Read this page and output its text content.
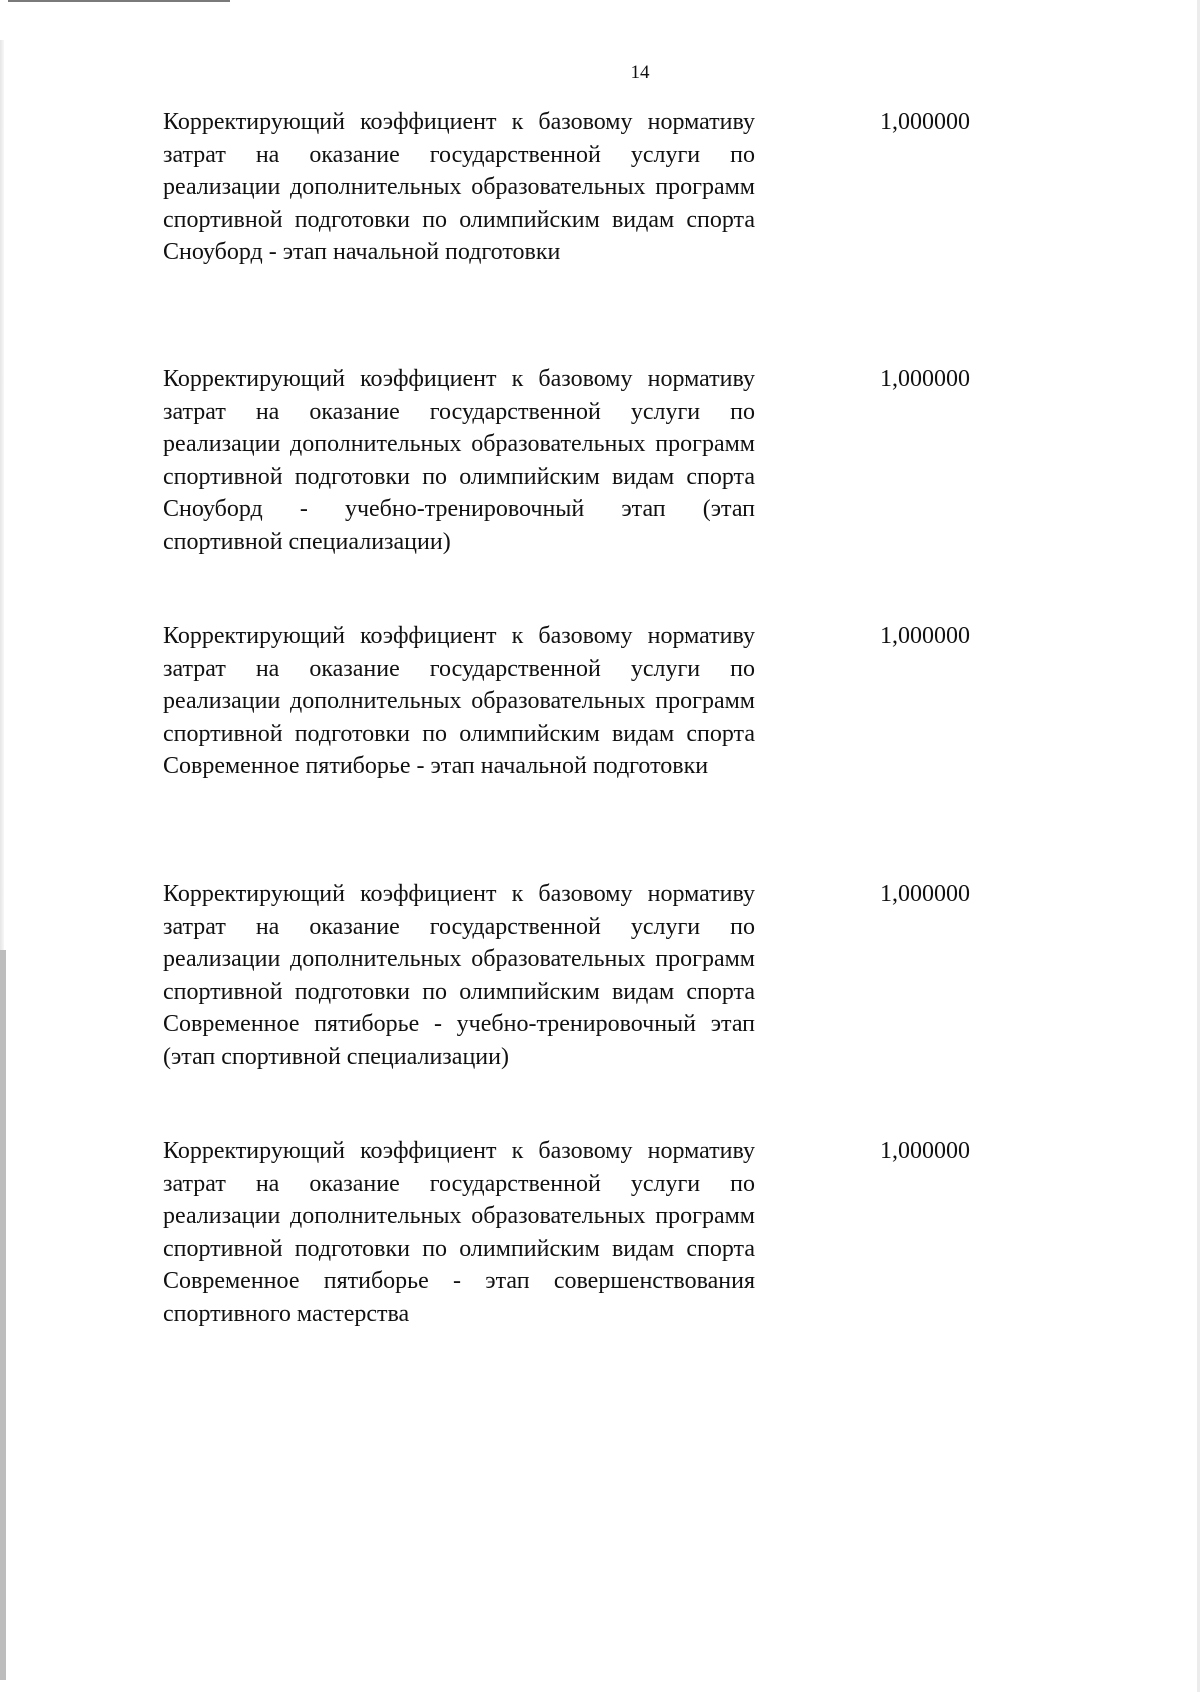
14
Корректирующий коэффициент к базовому нормативу затрат на оказание государственной услуги по реализации дополнительных образовательных программ спортивной подготовки по олимпийским видам спорта Сноуборд - этап начальной подготовки
1,000000
Корректирующий коэффициент к базовому нормативу затрат на оказание государственной услуги по реализации дополнительных образовательных программ спортивной подготовки по олимпийским видам спорта Сноуборд - учебно-тренировочный этап (этап спортивной специализации)
1,000000
Корректирующий коэффициент к базовому нормативу затрат на оказание государственной услуги по реализации дополнительных образовательных программ спортивной подготовки по олимпийским видам спорта Современное пятиборье - этап начальной подготовки
1,000000
Корректирующий коэффициент к базовому нормативу затрат на оказание государственной услуги по реализации дополнительных образовательных программ спортивной подготовки по олимпийским видам спорта Современное пятиборье - учебно-тренировочный этап (этап спортивной специализации)
1,000000
Корректирующий коэффициент к базовому нормативу затрат на оказание государственной услуги по реализации дополнительных образовательных программ спортивной подготовки по олимпийским видам спорта Современное пятиборье - этап совершенствования спортивного мастерства
1,000000
